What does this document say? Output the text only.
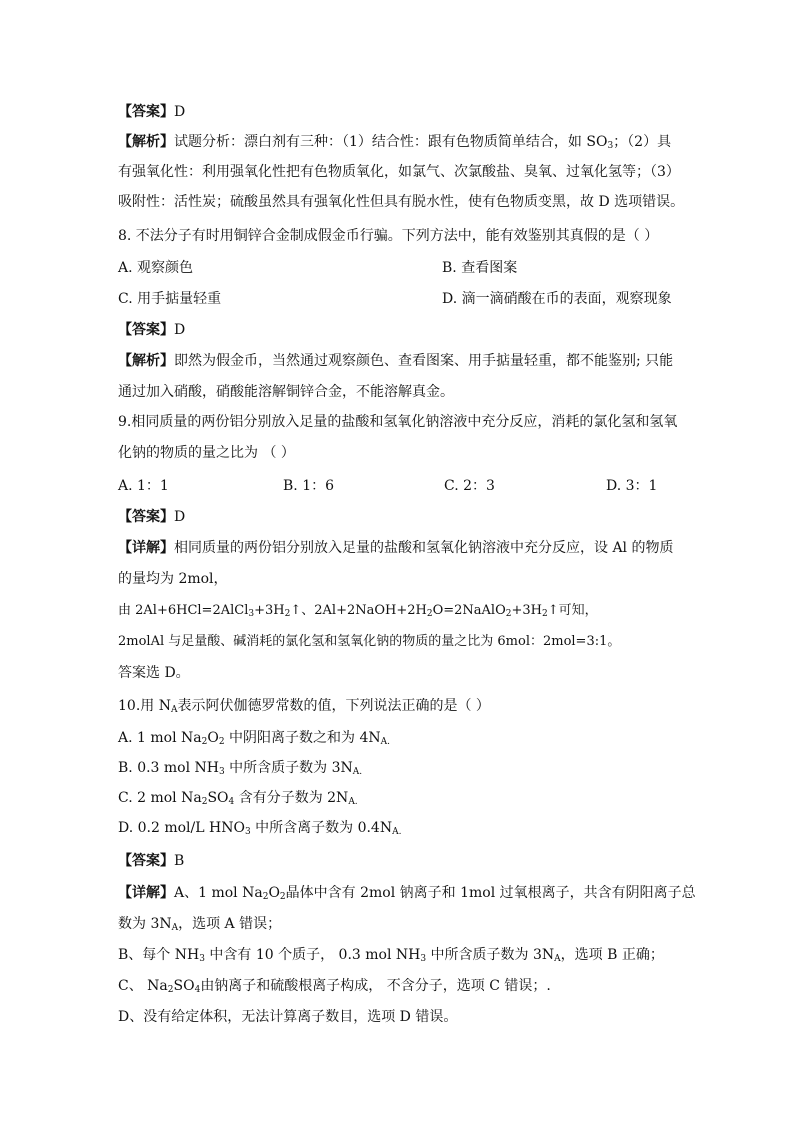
【答案】D
【解析】试题分析：漂白剂有三种：（1）结合性：跟有色物质简单结合，如 $SO_3$；（2）具
有强氧化性：利用强氧化性把有色物质氧化，如氯气、次氯酸盐、臭氧、过氧化氢等；（3）
吸附性：活性炭；硫酸虽然具有强氧化性但具有脱水性，使有色物质变黑，故 D 选项错误。
8. 不法分子有时用铜锌合金制成假金币行骗。下列方法中，能有效鉴别其真假的是（ ）
A. 观察颜色	B. 查看图案
C. 用手掂量轻重	D. 滴一滴硝酸在币的表面，观察现象
【答案】D
【解析】即然为假金币，当然通过观察颜色、查看图案、用手掂量轻重，都不能鉴别; 只能
通过加入硝酸，硝酸能溶解铜锌合金，不能溶解真金。
9.相同质量的两份铝分别放入足量的盐酸和氢氧化钠溶液中充分反应，消耗的氯化氢和氢氧
化钠的物质的量之比为 （ ）
A. 1：1	B. 1：6	C. 2：3	D. 3：1
【答案】D
【详解】相同质量的两份铝分别放入足量的盐酸和氢氧化钠溶液中充分反应，设 Al 的物质
的量均为 2mol，
由 $2Al+6HCl=2AlCl_3+3H_2↑$、$2Al+2NaOH+2H_2O=2NaAlO_2+3H_2↑$可知，
2molAl 与足量酸、碱消耗的氯化氢和氢氧化钠的物质的量之比为 6mol：2mol=3:1。
答案选 D。
10.用 $N_A$表示阿伏伽德罗常数的值，下列说法正确的是（ ）
A. 1 mol $Na_2O_2$ 中阴阳离子数之和为 $4N_{A.}$
B. 0.3 mol $NH_3$ 中所含质子数为 $3N_{A.}$
C. 2 mol $Na_2SO_4$ 含有分子数为 $2N_{A.}$
D. 0.2 mol/L $HNO_3$ 中所含离子数为 $0.4N_{A.}$
【答案】B
【详解】A、1 mol $Na_2O_2$晶体中含有 2mol 钠离子和 1mol 过氧根离子，共含有阴阳离子总
数为 $3N_A$，选项 A 错误；
B、每个 $NH_3$ 中含有 10 个质子， 0.3 mol $NH_3$ 中所含质子数为 $3N_A$，选项 B 正确；
C、 $Na_2SO_4$由钠离子和硫酸根离子构成， 不含分子，选项 C 错误；.
D、没有给定体积，无法计算离子数目，选项 D 错误。
